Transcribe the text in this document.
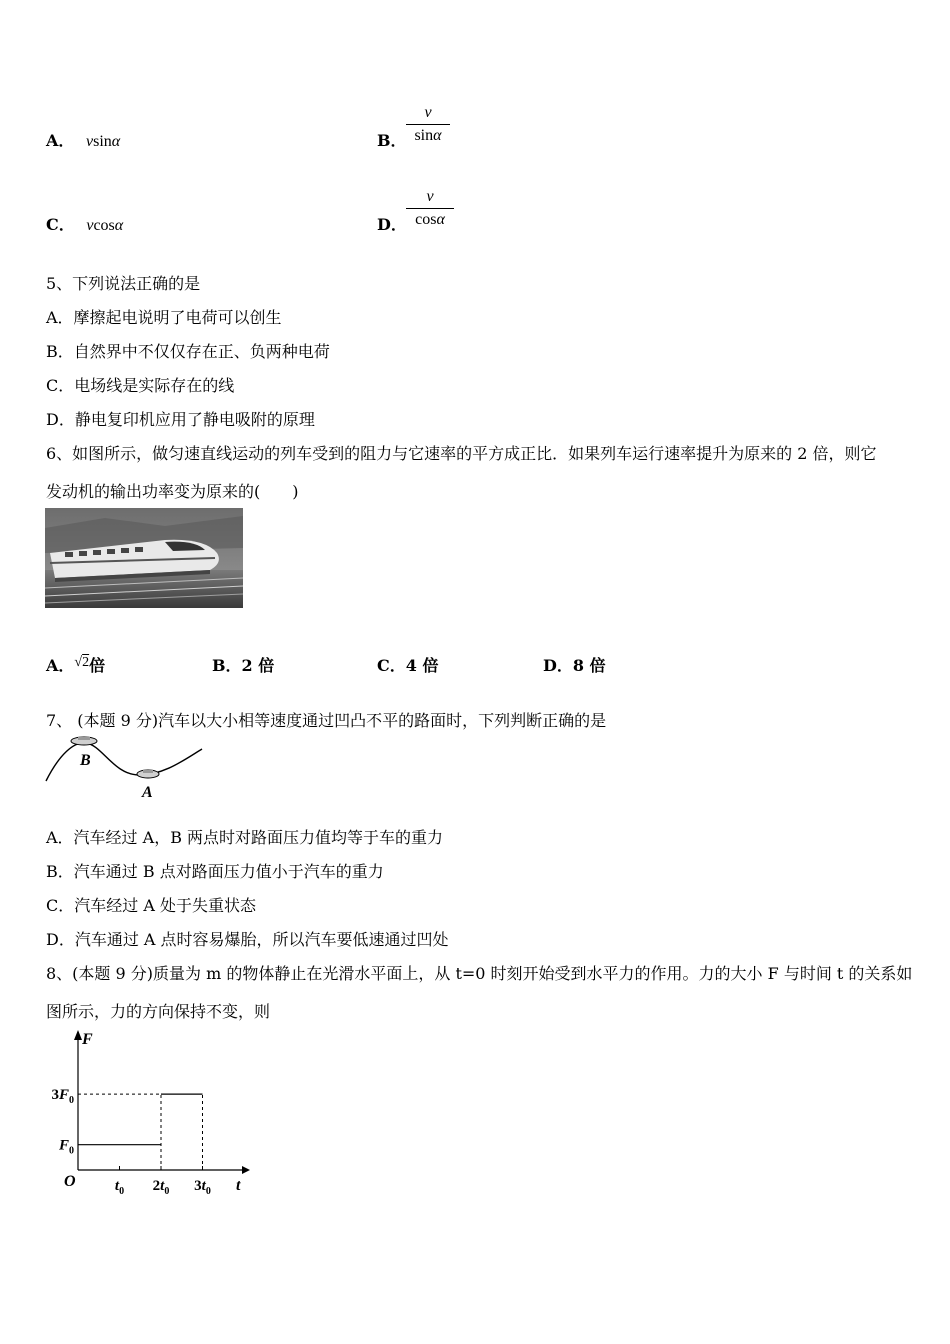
A． vsinα	B．
v
sinα
C． vcosα	D．
v
cosα
5、下列说法正确的是
A．摩擦起电说明了电荷可以创生
B．自然界中不仅仅存在正、负两种电荷
C．电场线是实际存在的线
D．静电复印机应用了静电吸附的原理
6、如图所示，做匀速直线运动的列车受到的阻力与它速率的平方成正比．如果列车运行速率提升为原来的 2 倍，则它
发动机的输出功率变为原来的(　　)
A．√2倍	B．2 倍	C．4 倍	D．8 倍
7、 (本题 9 分)汽车以大小相等速度通过凹凸不平的路面时，下列判断正确的是
B
A
A．汽车经过 A，B 两点时对路面压力值均等于车的重力
B．汽车通过 B 点对路面压力值小于汽车的重力
C．汽车经过 A 处于失重状态
D．汽车通过 A 点时容易爆胎，所以汽车要低速通过凹处
8、(本题 9 分)质量为 m 的物体静止在光滑水平面上，从 t=0 时刻开始受到水平力的作用。力的大小 F 与时间 t 的关系如
图所示，力的方向保持不变，则
F
t
O	$t_0$ $2t_0$ $3t_0$
$F_0$
$3F_0$
